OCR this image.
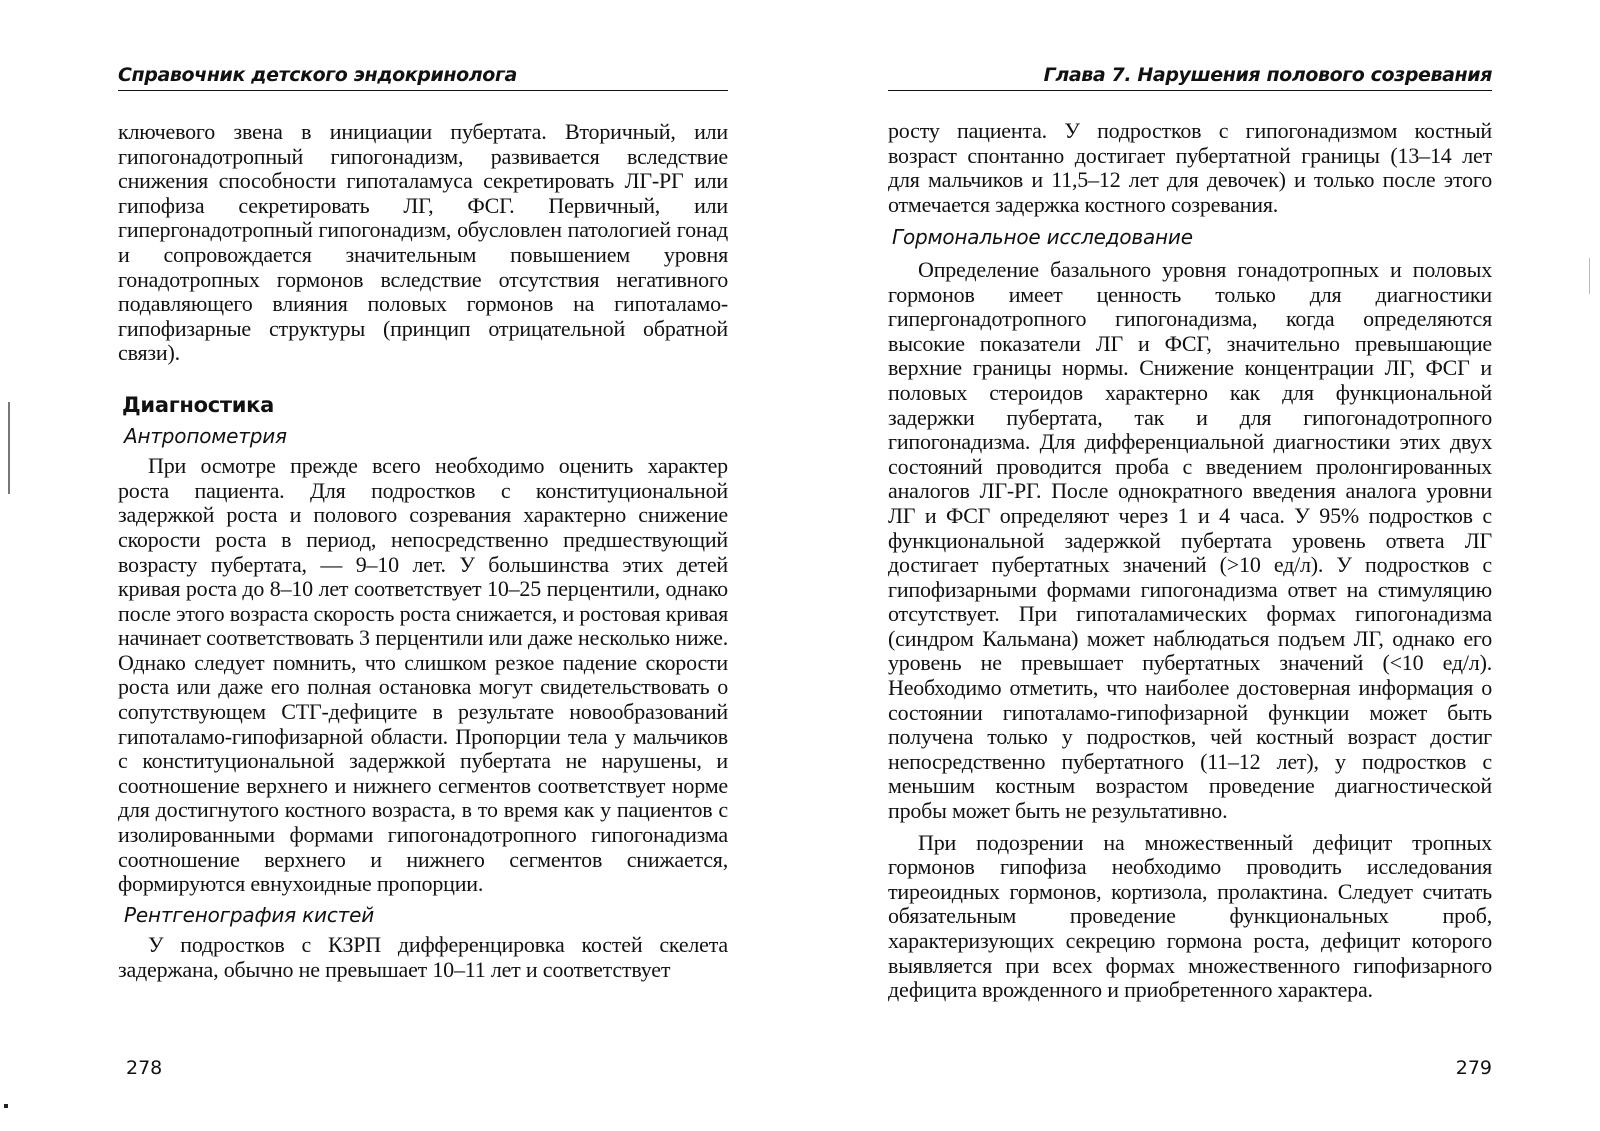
Справочник детского эндокринолога

ключевого звена в инициации пубертата. Вторичный, или гипогонадотропный гипогонадизм, развивается вследствие снижения способности гипоталамуса секретировать ЛГ-РГ или гипофиза секретировать ЛГ, ФСГ. Первичный, или гипергонадотропный гипогонадизм, обусловлен патологией гонад и сопровождается значительным повышением уровня гонадотропных гормонов вследствие отсутствия негативного подавляющего влияния половых гормонов на гипоталамо-гипофизарные структуры (принцип отрицательной обратной связи).

Диагностика
Антропометрия

При осмотре прежде всего необходимо оценить характер роста пациента. Для подростков с конституциональной задержкой роста и полового созревания характерно снижение скорости роста в период, непосредственно предшествующий возрасту пубертата, — 9–10 лет. У большинства этих детей кривая роста до 8–10 лет соответствует 10–25 перцентили, однако после этого возраста скорость роста снижается, и ростовая кривая начинает соответствовать 3 перцентили или даже несколько ниже. Однако следует помнить, что слишком резкое падение скорости роста или даже его полная остановка могут свидетельствовать о сопутствующем СТГ-дефиците в результате новообразований гипоталамо-гипофизарной области. Пропорции тела у мальчиков с конституциональной задержкой пубертата не нарушены, и соотношение верхнего и нижнего сегментов соответствует норме для достигнутого костного возраста, в то время как у пациентов с изолированными формами гипогонадотропного гипогонадизма соотношение верхнего и нижнего сегментов снижается, формируются евнухоидные пропорции.

Рентгенография кистей

У подростков с КЗРП дифференцировка костей скелета задержана, обычно не превышает 10–11 лет и соответствует

278
Глава 7. Нарушения полового созревания

росту пациента. У подростков с гипогонадизмом костный возраст спонтанно достигает пубертатной границы (13–14 лет для мальчиков и 11,5–12 лет для девочек) и только после этого отмечается задержка костного созревания.

Гормональное исследование

Определение базального уровня гонадотропных и половых гормонов имеет ценность только для диагностики гипергонадотропного гипогонадизма, когда определяются высокие показатели ЛГ и ФСГ, значительно превышающие верхние границы нормы. Снижение концентрации ЛГ, ФСГ и половых стероидов характерно как для функциональной задержки пубертата, так и для гипогонадотропного гипогонадизма. Для дифференциальной диагностики этих двух состояний проводится проба с введением пролонгированных аналогов ЛГ-РГ. После однократного введения аналога уровни ЛГ и ФСГ определяют через 1 и 4 часа. У 95% подростков с функциональной задержкой пубертата уровень ответа ЛГ достигает пубертатных значений (>10 ед/л). У подростков с гипофизарными формами гипогонадизма ответ на стимуляцию отсутствует. При гипоталамических формах гипогонадизма (синдром Кальмана) может наблюдаться подъем ЛГ, однако его уровень не превышает пубертатных значений (<10 ед/л). Необходимо отметить, что наиболее достоверная информация о состоянии гипоталамо-гипофизарной функции может быть получена только у подростков, чей костный возраст достиг непосредственно пубертатного (11–12 лет), у подростков с меньшим костным возрастом проведение диагностической пробы может быть не результативно.

При подозрении на множественный дефицит тропных гормонов гипофиза необходимо проводить исследования тиреоидных гормонов, кортизола, пролактина. Следует считать обязательным проведение функциональных проб, характеризующих секрецию гормона роста, дефицит которого выявляется при всех формах множественного гипофизарного дефицита врожденного и приобретенного характера.

279
